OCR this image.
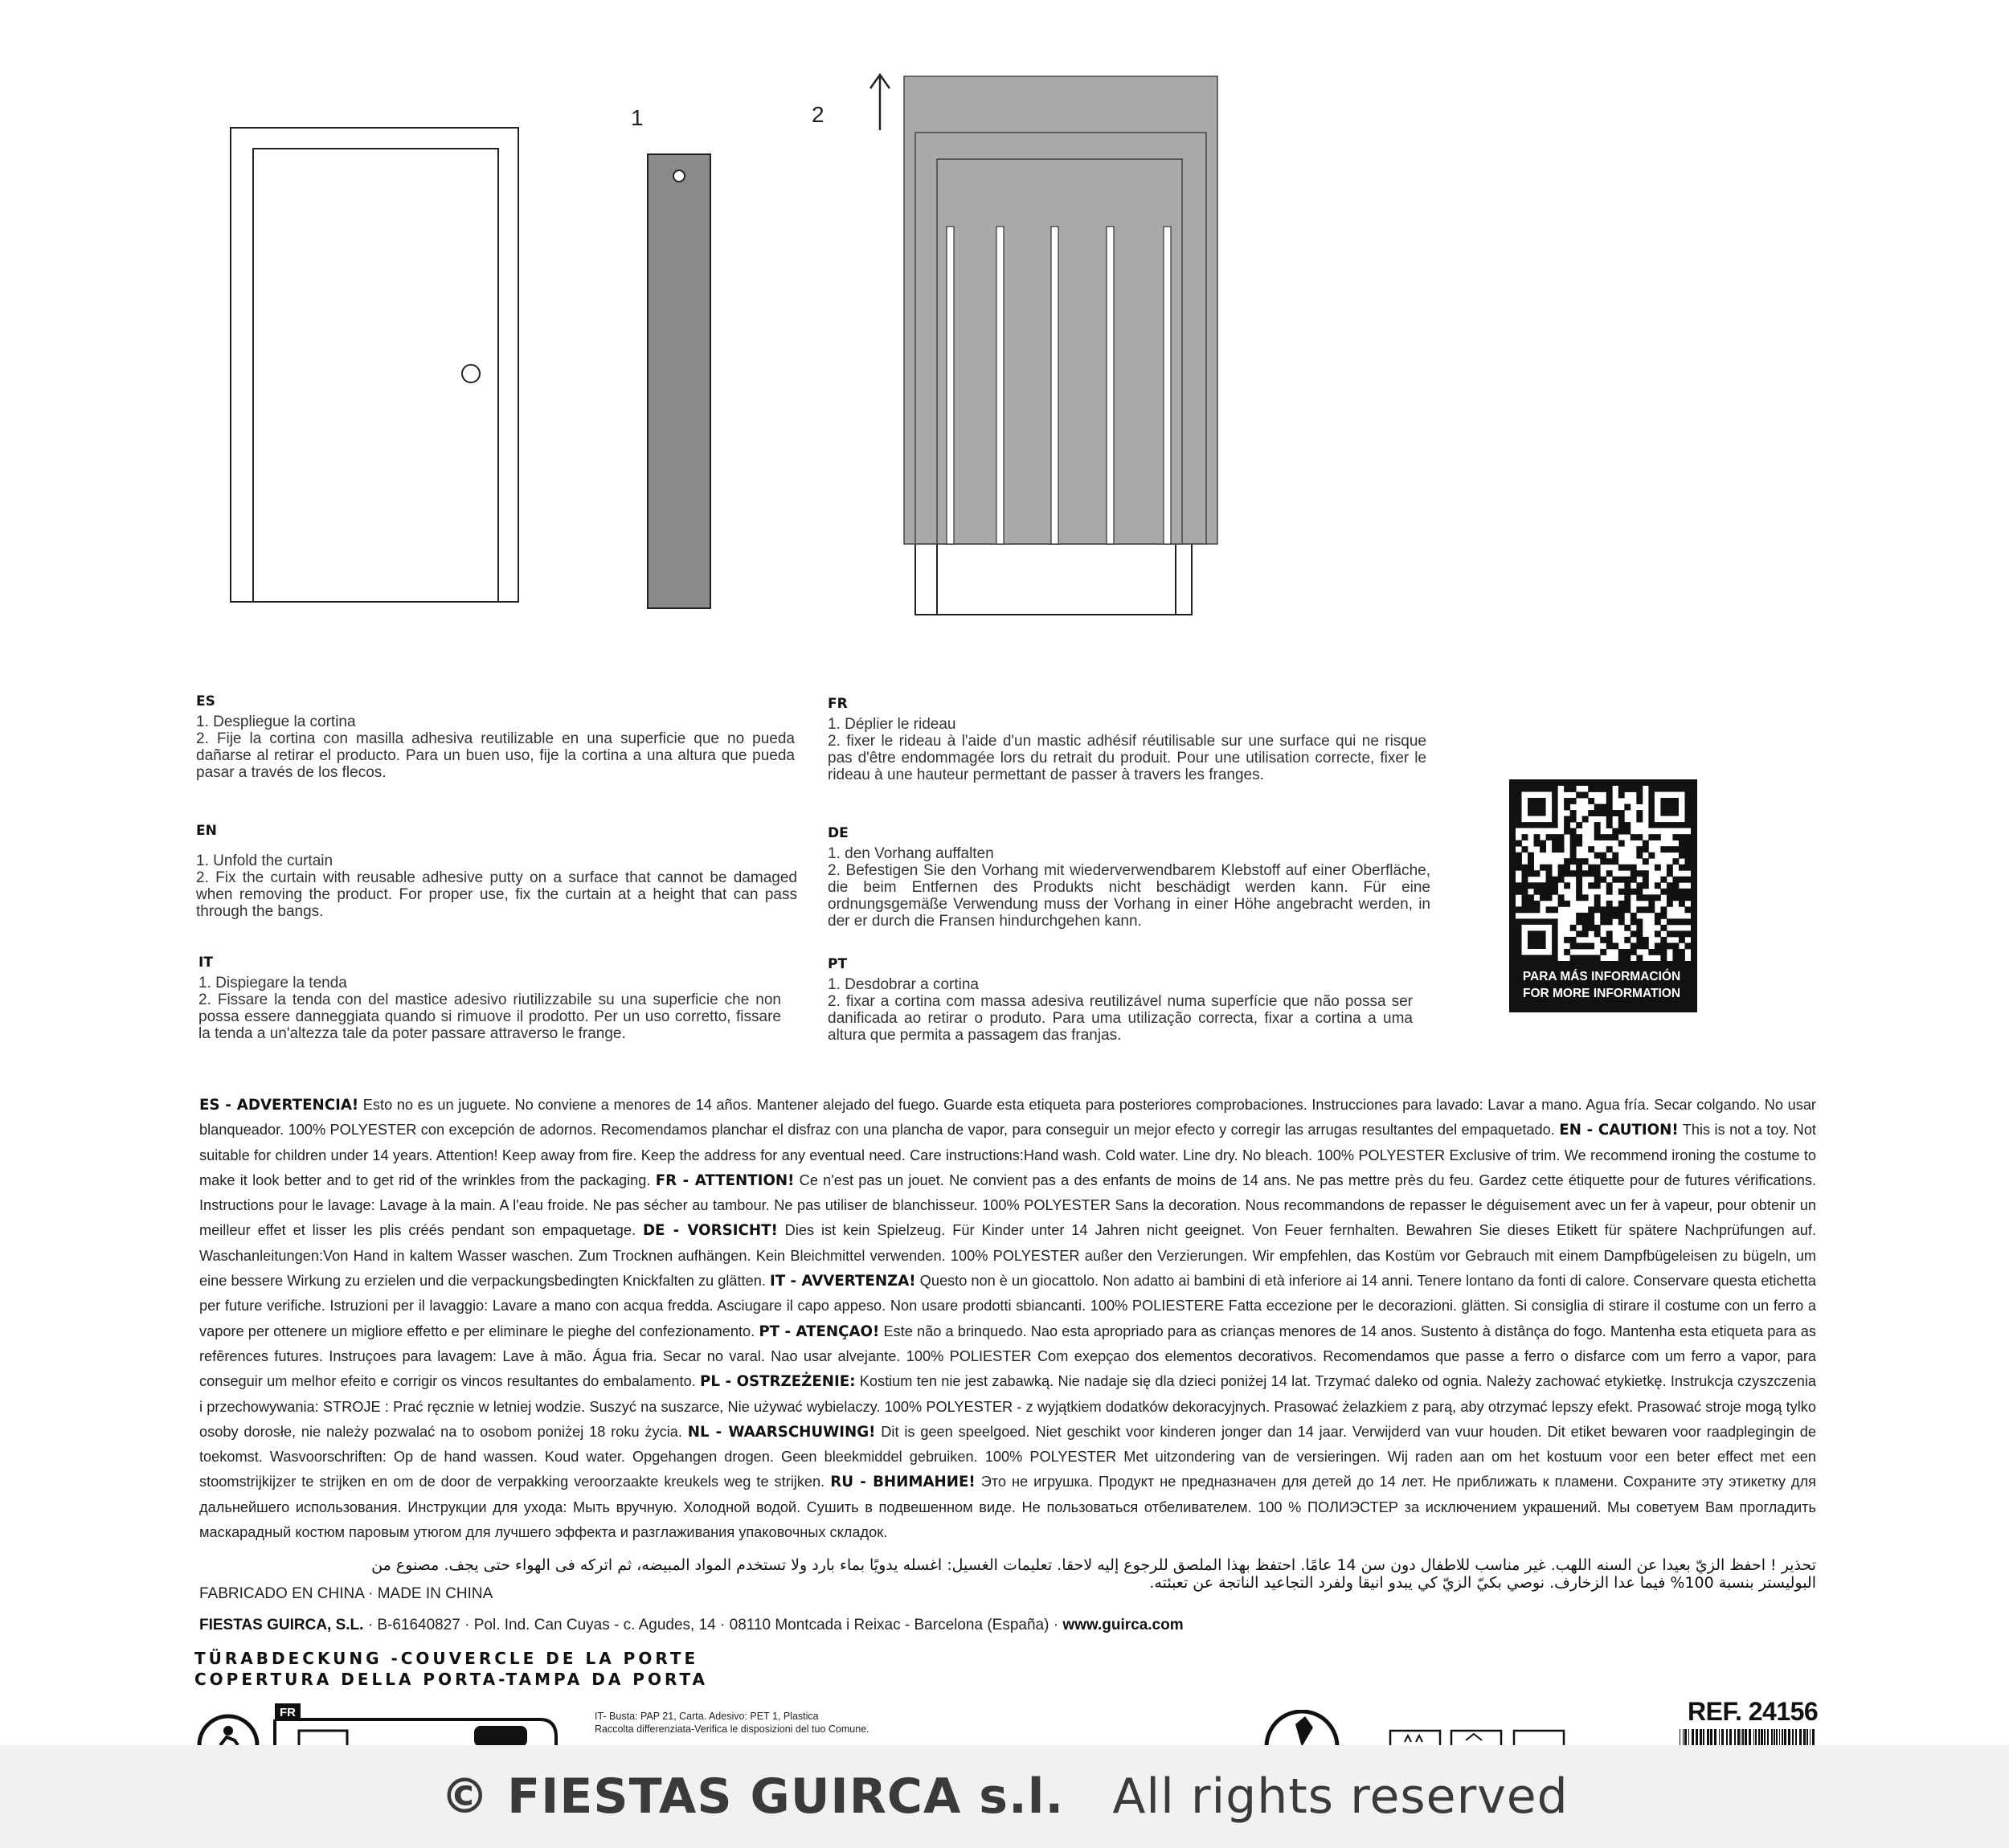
1	2
ES
1. Despliegue la cortina
2. Fije la cortina con masilla adhesiva reutilizable en una superficie que no pueda dañarse al retirar el producto. Para un buen uso, fije la cortina a una altura que pueda pasar a través de los flecos.
EN
1. Unfold the curtain
2. Fix the curtain with reusable adhesive putty on a surface that cannot be damaged when removing the product. For proper use, fix the curtain at a height that can pass through the bangs.
IT
1. Dispiegare la tenda
2. Fissare la tenda con del mastice adesivo riutilizzabile su una superficie che non possa essere danneggiata quando si rimuove il prodotto. Per un uso corretto, fissare la tenda a un'altezza tale da poter passare attraverso le frange.
FR
1. Déplier le rideau
2. fixer le rideau à l'aide d'un mastic adhésif réutilisable sur une surface qui ne risque pas d'être endommagée lors du retrait du produit. Pour une utilisation correcte, fixer le rideau à une hauteur permettant de passer à travers les franges.
DE
1. den Vorhang auffalten
2. Befestigen Sie den Vorhang mit wiederverwendbarem Klebstoff auf einer Oberfläche, die beim Entfernen des Produkts nicht beschädigt werden kann. Für eine ordnungsgemäße Verwendung muss der Vorhang in einer Höhe angebracht werden, in der er durch die Fransen hindurchgehen kann.
PT
1. Desdobrar a cortina
2. fixar a cortina com massa adesiva reutilizável numa superfície que não possa ser danificada ao retirar o produto. Para uma utilização correcta, fixar a cortina a uma altura que permita a passagem das franjas.
PARA MÁS INFORMACIÓN
FOR MORE INFORMATION
ES - ADVERTENCIA! Esto no es un juguete. No conviene a menores de 14 años. Mantener alejado del fuego. Guarde esta etiqueta para posteriores comprobaciones. Instrucciones para lavado: Lavar a mano. Agua fría. Secar colgando. No usar blanqueador. 100% POLYESTER con excepción de adornos. Recomendamos planchar el disfraz con una plancha de vapor, para conseguir un mejor efecto y corregir las arrugas resultantes del empaquetado. EN - CAUTION! This is not a toy. Not suitable for children under 14 years. Attention! Keep away from fire. Keep the address for any eventual need. Care instructions:Hand wash. Cold water. Line dry. No bleach. 100% POLYESTER Exclusive of trim. We recommend ironing the costume to make it look better and to get rid of the wrinkles from the packaging. FR - ATTENTION! Ce n'est pas un jouet. Ne convient pas a des enfants de moins de 14 ans. Ne pas mettre près du feu. Gardez cette étiquette pour de futures vérifications. Instructions pour le lavage: Lavage à la main. A l'eau froide. Ne pas sécher au tambour. Ne pas utiliser de blanchisseur. 100% POLYESTER Sans la decoration. Nous recommandons de repasser le déguisement avec un fer à vapeur, pour obtenir un meilleur effet et lisser les plis créés pendant son empaquetage. DE - VORSICHT! Dies ist kein Spielzeug. Für Kinder unter 14 Jahren nicht geeignet. Von Feuer fernhalten. Bewahren Sie dieses Etikett für spätere Nachprüfungen auf. Waschanleitungen:Von Hand in kaltem Wasser waschen. Zum Trocknen aufhängen. Kein Bleichmittel verwenden. 100% POLYESTER außer den Verzierungen. Wir empfehlen, das Kostüm vor Gebrauch mit einem Dampfbügeleisen zu bügeln, um eine bessere Wirkung zu erzielen und die verpackungsbedingten Knickfalten zu glätten. IT - AVVERTENZA! Questo non è un giocattolo. Non adatto ai bambini di età inferiore ai 14 anni. Tenere lontano da fonti di calore. Conservare questa etichetta per future verifiche. Istruzioni per il lavaggio: Lavare a mano con acqua fredda. Asciugare il capo appeso. Non usare prodotti sbiancanti. 100% POLIESTERE Fatta eccezione per le decorazioni. glätten. Si consiglia di stirare il costume con un ferro a vapore per ottenere un migliore effetto e per eliminare le pieghe del confezionamento. PT - ATENÇAO! Este não a brinquedo. Nao esta apropriado para as crianças menores de 14 anos. Sustento à distânça do fogo. Mantenha esta etiqueta para as refêrences futures. Instruçoes para lavagem: Lave à mão. Água fria. Secar no varal. Nao usar alvejante. 100% POLIESTER Com exepçao dos elementos decorativos. Recomendamos que passe a ferro o disfarce com um ferro a vapor, para conseguir um melhor efeito e corrigir os vincos resultantes do embalamento. PL - OSTRZEŻENIE: Kostium ten nie jest zabawką. Nie nadaje się dla dzieci poniżej 14 lat. Trzymać daleko od ognia. Należy zachować etykietkę. Instrukcja czyszczenia i przechowywania: STROJE : Prać ręcznie w letniej wodzie. Suszyć na suszarce, Nie używać wybielaczy. 100% POLYESTER - z wyjątkiem dodatków dekoracyjnych. Prasować żelazkiem z parą, aby otrzymać lepszy efekt. Prasować stroje mogą tylko osoby dorosłe, nie należy pozwalać na to osobom poniżej 18 roku życia. NL - WAARSCHUWING! Dit is geen speelgoed. Niet geschikt voor kinderen jonger dan 14 jaar. Verwijderd van vuur houden. Dit etiket bewaren voor raadplegingin de toekomst. Wasvoorschriften: Op de hand wassen. Koud water. Opgehangen drogen. Geen bleekmiddel gebruiken. 100% POLYESTER Met uitzondering van de versieringen. Wij raden aan om het kostuum voor een beter effect met een stoomstrijkijzer te strijken en om de door de verpakking veroorzaakte kreukels weg te strijken. RU - ВНИМАНИЕ! Это не игрушка. Продукт не предназначен для детей до 14 лет. Не приближать к пламени. Сохраните эту этикетку для дальнейшего использования. Инструкции для ухода: Мыть вручную. Холодной водой. Сушить в подвешенном виде. Не пользоваться отбеливателем. 100 % ПОЛИЭСТЕР за исключением украшений. Мы советуем Вам прогладить маскарадный костюм паровым утюгом для лучшего эффекта и разглаживания упаковочных складок.
تحذير ! احفظ الزيّ بعيدا عن السنه اللهب. غير مناسب للاطفال دون سن 14 عامًا. احتفظ بهذا الملصق للرجوع إليه لاحقا. تعليمات الغسيل: اغسله يدويًا بماء بارد ولا تستخدم المواد المبيضه، ثم اتركه فى الهواء حتى يجف. مصنوع من البوليستر بنسبة 100% فيما عدا الزخارف. نوصي بكيّ الزيّ كي يبدو انيقا ولفرد التجاعيد الناتجة عن تعبئته.
FABRICADO EN CHINA · MADE IN CHINA
FIESTAS GUIRCA, S.L. · B-61640827 · Pol. Ind. Can Cuyas - c. Agudes, 14 · 08110 Montcada i Reixac - Barcelona (España) · www.guirca.com
TÜRABDECKUNG -COUVERCLE DE LA PORTE
COPERTURA DELLA PORTA-TAMPA DA PORTA
FR	IT- Busta: PAP 21, Carta. Adesivo: PET 1, Plastica
Raccolta differenziata-Verifica le disposizioni del tuo Comune.
REF. 24156
© FIESTAS GUIRCA s.l. All rights reserved
